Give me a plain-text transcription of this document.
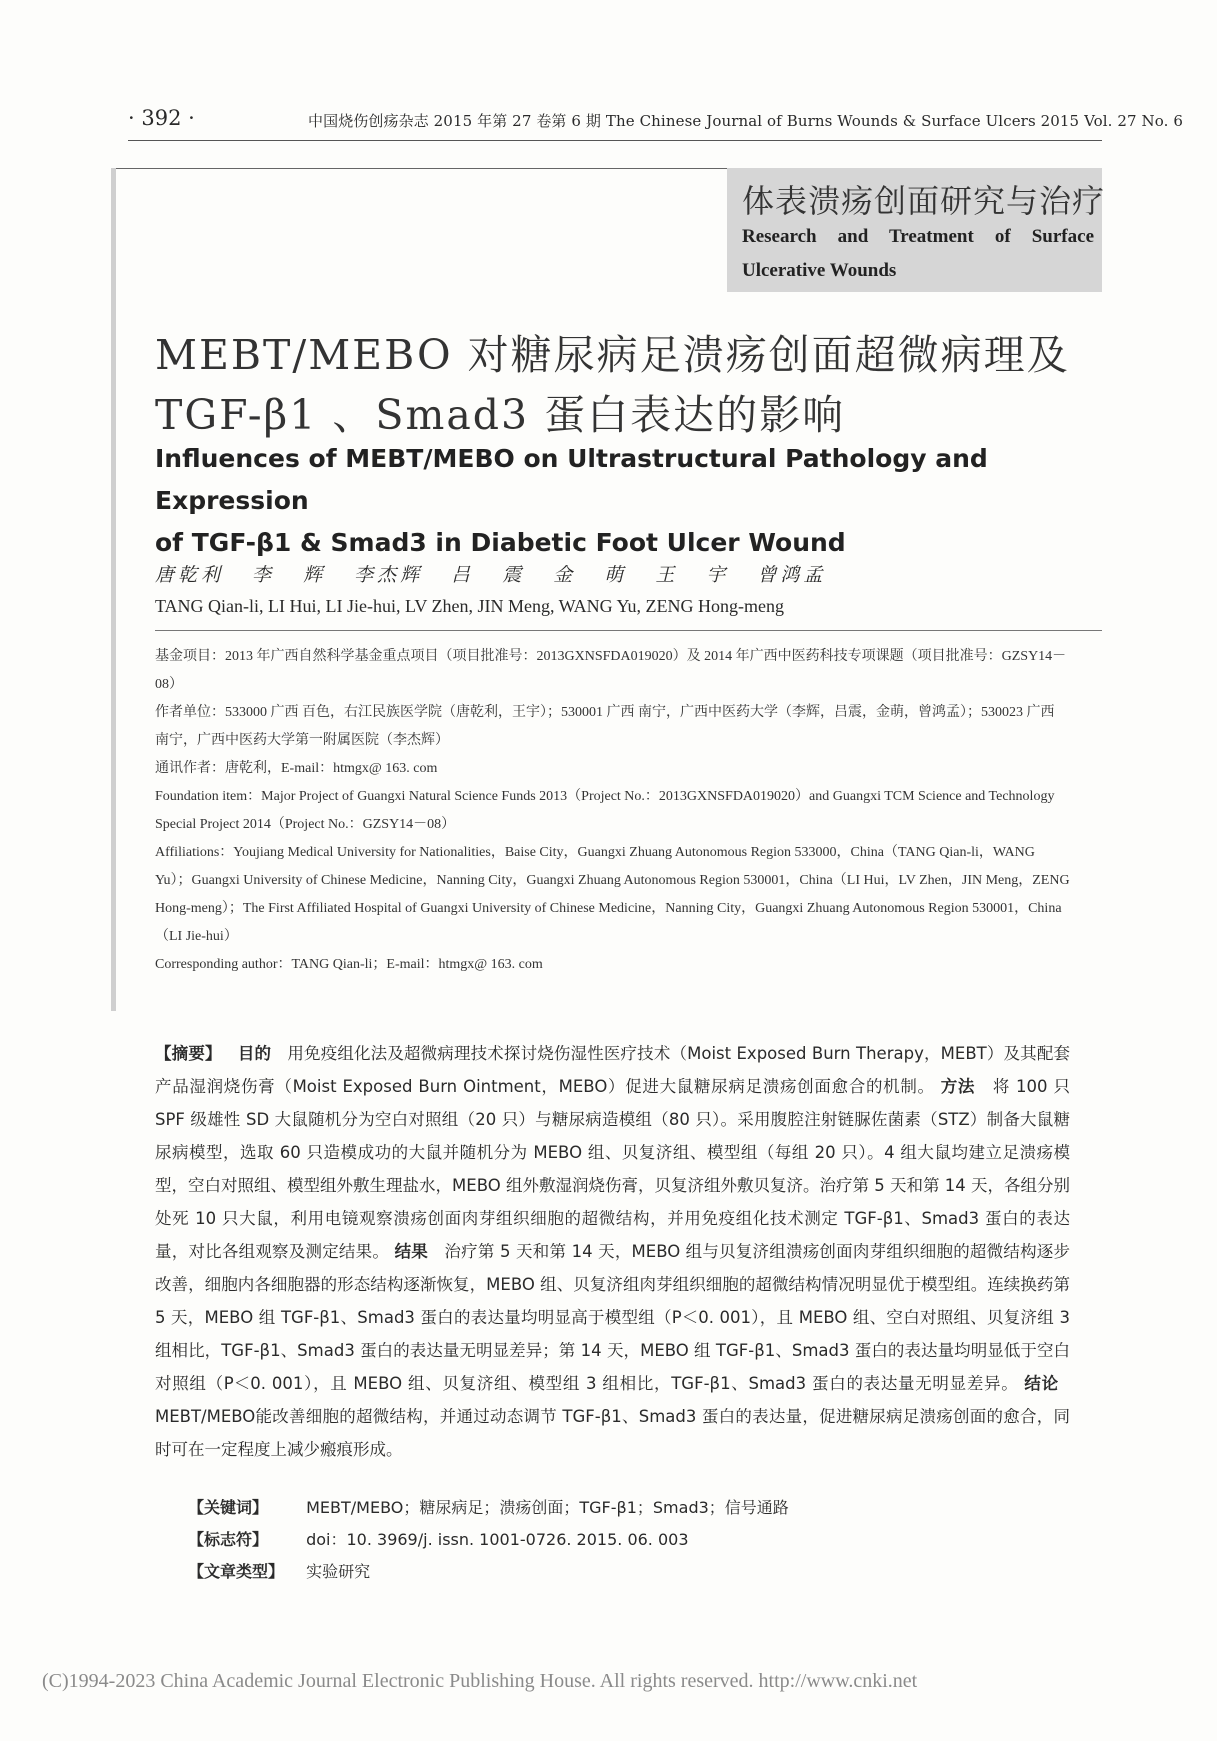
· 392 ·	中国烧伤创疡杂志 2015 年第 27 卷第 6 期 The Chinese Journal of Burns Wounds & Surface Ulcers 2015 Vol. 27 No. 6
体表溃疡创面研究与治疗
Research and Treatment of Surface Ulcerative Wounds
MEBT/MEBO 对糖尿病足溃疡创面超微病理及
TGF-β1 、Smad3 蛋白表达的影响
Influences of MEBT/MEBO on Ultrastructural Pathology and Expression
of TGF-β1 & Smad3 in Diabetic Foot Ulcer Wound
唐乾利 李 辉 李杰辉 吕 震 金 萌 王 宇 曾鸿孟
TANG Qian-li, LI Hui, LI Jie-hui, LV Zhen, JIN Meng, WANG Yu, ZENG Hong-meng
基金项目：2013 年广西自然科学基金重点项目（项目批准号：2013GXNSFDA019020）及 2014 年广西中医药科技专项课题（项目批准号：GZSY14－08）
作者单位：533000 广西 百色，右江民族医学院（唐乾利，王宇）；530001 广西 南宁，广西中医药大学（李辉，吕震，金萌，曾鸿孟）；530023 广西 南宁，广西中医药大学第一附属医院（李杰辉）
通讯作者：唐乾利，E-mail：htmgx@ 163. com
Foundation item：Major Project of Guangxi Natural Science Funds 2013（Project No.：2013GXNSFDA019020）and Guangxi TCM Science and Technology Special Project 2014（Project No.：GZSY14－08）
Affiliations：Youjiang Medical University for Nationalities，Baise City，Guangxi Zhuang Autonomous Region 533000，China（TANG Qian-li，WANG Yu）；Guangxi University of Chinese Medicine，Nanning City，Guangxi Zhuang Autonomous Region 530001，China（LI Hui，LV Zhen，JIN Meng，ZENG Hong-meng）；The First Affiliated Hospital of Guangxi University of Chinese Medicine，Nanning City，Guangxi Zhuang Autonomous Region 530001，China（LI Jie-hui）
Corresponding author：TANG Qian-li；E-mail：htmgx@ 163. com
【摘要】 目的 用免疫组化法及超微病理技术探讨烧伤湿性医疗技术（Moist Exposed Burn Therapy，MEBT）及其配套产品湿润烧伤膏（Moist Exposed Burn Ointment，MEBO）促进大鼠糖尿病足溃疡创面愈合的机制。 方法 将 100 只 SPF 级雄性 SD 大鼠随机分为空白对照组（20 只）与糖尿病造模组（80 只）。采用腹腔注射链脲佐菌素（STZ）制备大鼠糖尿病模型，选取 60 只造模成功的大鼠并随机分为 MEBO 组、贝复济组、模型组（每组 20 只）。4 组大鼠均建立足溃疡模型，空白对照组、模型组外敷生理盐水，MEBO 组外敷湿润烧伤膏，贝复济组外敷贝复济。治疗第 5 天和第 14 天，各组分别处死 10 只大鼠，利用电镜观察溃疡创面肉芽组织细胞的超微结构，并用免疫组化技术测定 TGF-β1、Smad3 蛋白的表达量，对比各组观察及测定结果。 结果 治疗第 5 天和第 14 天，MEBO 组与贝复济组溃疡创面肉芽组织细胞的超微结构逐步改善，细胞内各细胞器的形态结构逐渐恢复，MEBO 组、贝复济组肉芽组织细胞的超微结构情况明显优于模型组。连续换药第 5 天，MEBO 组 TGF-β1、Smad3 蛋白的表达量均明显高于模型组（P＜0. 001），且 MEBO 组、空白对照组、贝复济组 3 组相比，TGF-β1、Smad3 蛋白的表达量无明显差异；第 14 天，MEBO 组 TGF-β1、Smad3 蛋白的表达量均明显低于空白对照组（P＜0. 001），且 MEBO 组、贝复济组、模型组 3 组相比，TGF-β1、Smad3 蛋白的表达量无明显差异。 结论   MEBT/MEBO能改善细胞的超微结构，并通过动态调节 TGF-β1、Smad3 蛋白的表达量，促进糖尿病足溃疡创面的愈合，同时可在一定程度上减少瘢痕形成。
【关键词】 MEBT/MEBO；糖尿病足；溃疡创面；TGF-β1；Smad3；信号通路
【标志符】 doi：10. 3969/j. issn. 1001-0726. 2015. 06. 003
【文章类型】 实验研究
(C)1994-2023 China Academic Journal Electronic Publishing House. All rights reserved. http://www.cnki.net
